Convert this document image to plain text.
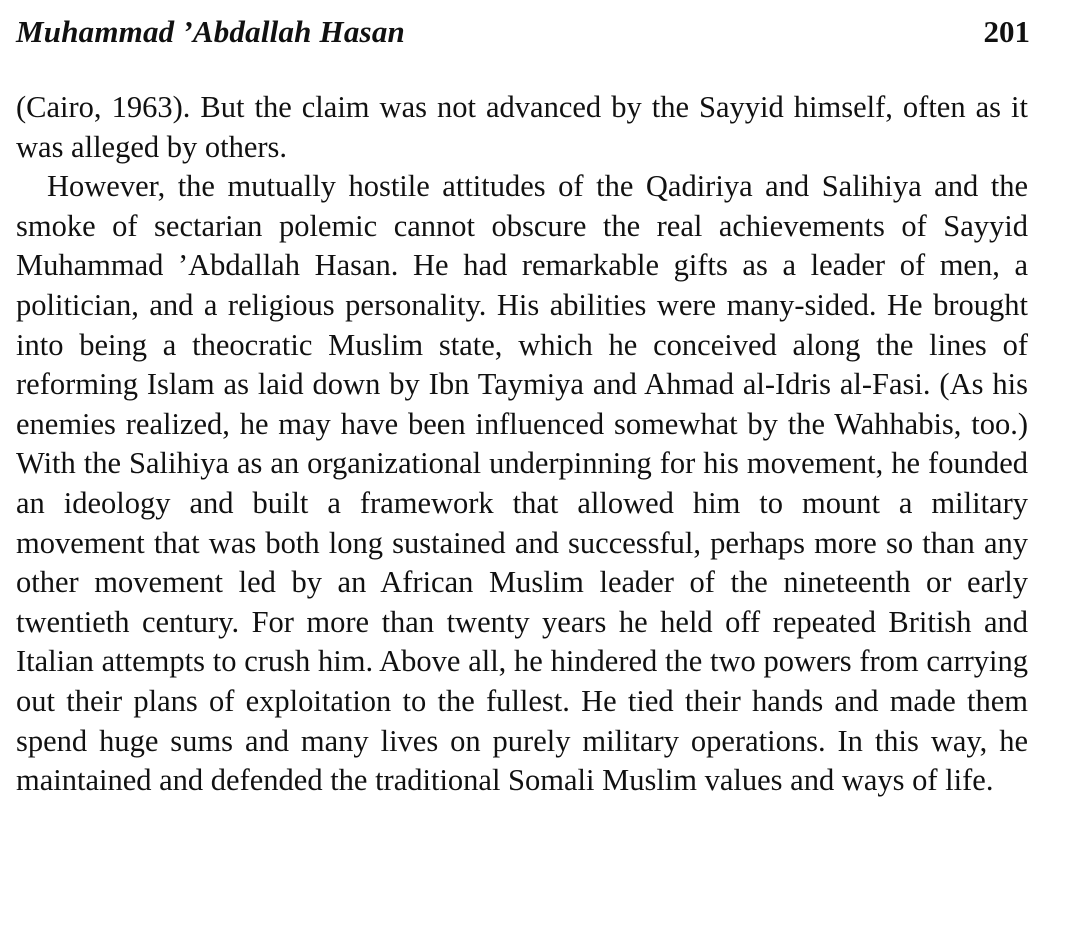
Muhammad ’Abdallah Hasan	201

(Cairo, 1963). But the claim was not advanced by the Sayyid himself, often as it was alleged by others.

However, the mutually hostile attitudes of the Qadiriya and Salihiya and the smoke of sectarian polemic cannot obscure the real achievements of Sayyid Muhammad ’Abdallah Hasan. He had remarkable gifts as a leader of men, a politician, and a religious personality. His abilities were many-sided. He brought into being a theocratic Muslim state, which he conceived along the lines of reforming Islam as laid down by Ibn Taymiya and Ahmad al-Idris al-Fasi. (As his enemies realized, he may have been influenced somewhat by the Wahhabis, too.) With the Salihiya as an organizational underpinning for his movement, he founded an ideology and built a framework that allowed him to mount a military movement that was both long sustained and successful, perhaps more so than any other movement led by an African Muslim leader of the nineteenth or early twentieth century. For more than twenty years he held off repeated British and Italian attempts to crush him. Above all, he hindered the two powers from carrying out their plans of exploitation to the fullest. He tied their hands and made them spend huge sums and many lives on purely military operations. In this way, he maintained and defended the traditional Somali Muslim values and ways of life.
